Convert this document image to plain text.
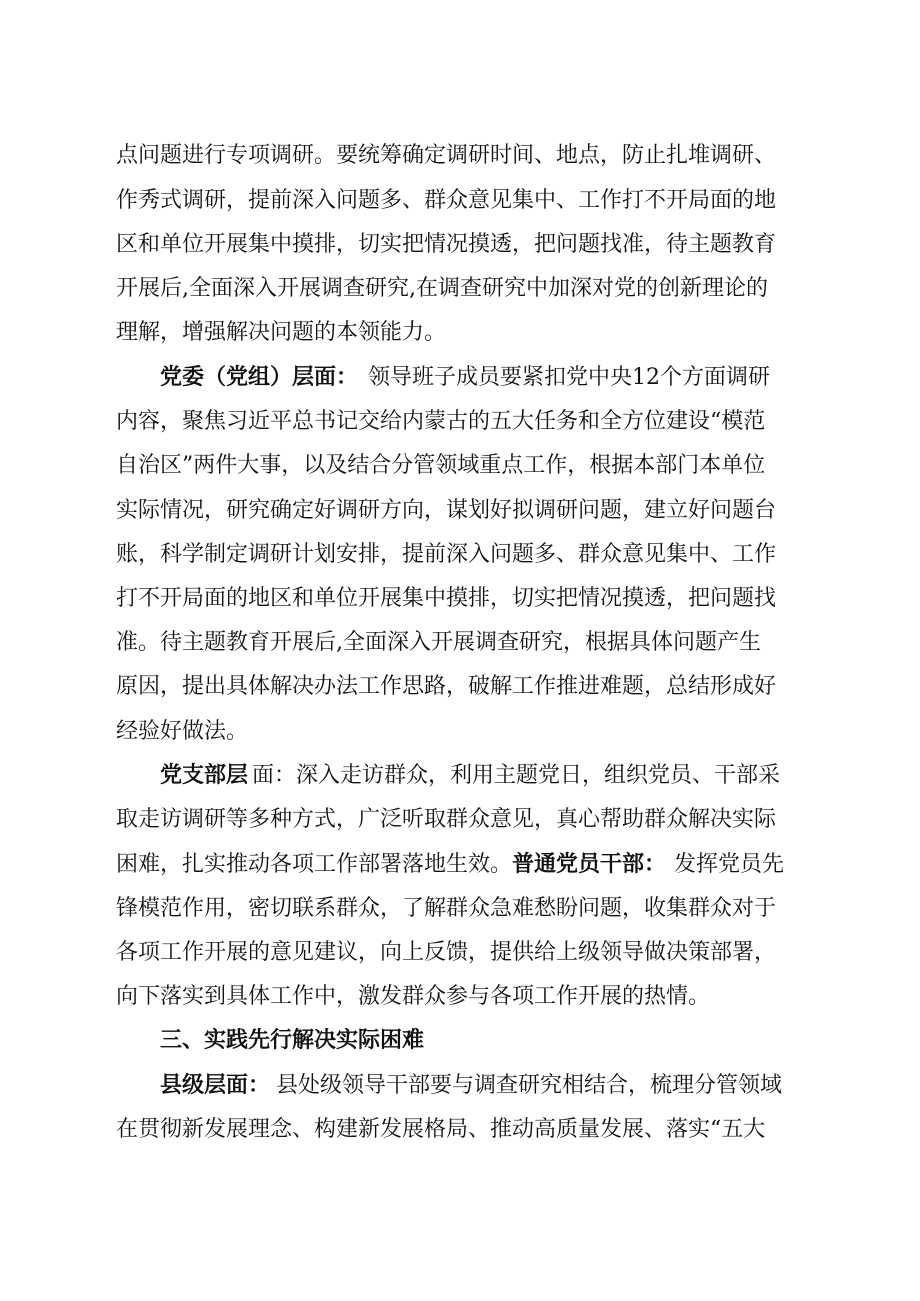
点问题进行专项调研。要统筹确定调研时间、地点，防止扎堆调研、
作秀式调研，提前深入问题多、群众意见集中、工作打不开局面的地
区和单位开展集中摸排，切实把情况摸透，把问题找准，待主题教育
开展后,全面深入开展调查研究,在调查研究中加深对党的创新理论的
理解，增强解决问题的本领能力。
党委（党组）层面： 领导班子成员要紧扣党中央12个方面调研
内容，聚焦习近平总书记交给内蒙古的五大任务和全方位建设“模范
自治区”两件大事，以及结合分管领域重点工作，根据本部门本单位
实际情况，研究确定好调研方向，谋划好拟调研问题，建立好问题台
账，科学制定调研计划安排，提前深入问题多、群众意见集中、工作
打不开局面的地区和单位开展集中摸排，切实把情况摸透，把问题找
准。待主题教育开展后,全面深入开展调查研究，根据具体问题产生
原因，提出具体解决办法工作思路，破解工作推进难题，总结形成好
经验好做法。
党支部层 面：深入走访群众，利用主题党日，组织党员、干部采
取走访调研等多种方式，广泛听取群众意见，真心帮助群众解决实际
困难，扎实推动各项工作部署落地生效。 普通党员干部： 发挥党员先
锋模范作用，密切联系群众，了解群众急难愁盼问题，收集群众对于
各项工作开展的意见建议，向上反馈，提供给上级领导做决策部署，
向下落实到具体工作中，激发群众参与各项工作开展的热情。
三、实践先行解决实际困难
县级层面： 县处级领导干部要与调查研究相结合，梳理分管领域
在贯彻新发展理念、构建新发展格局、推动高质量发展、落实“五大
